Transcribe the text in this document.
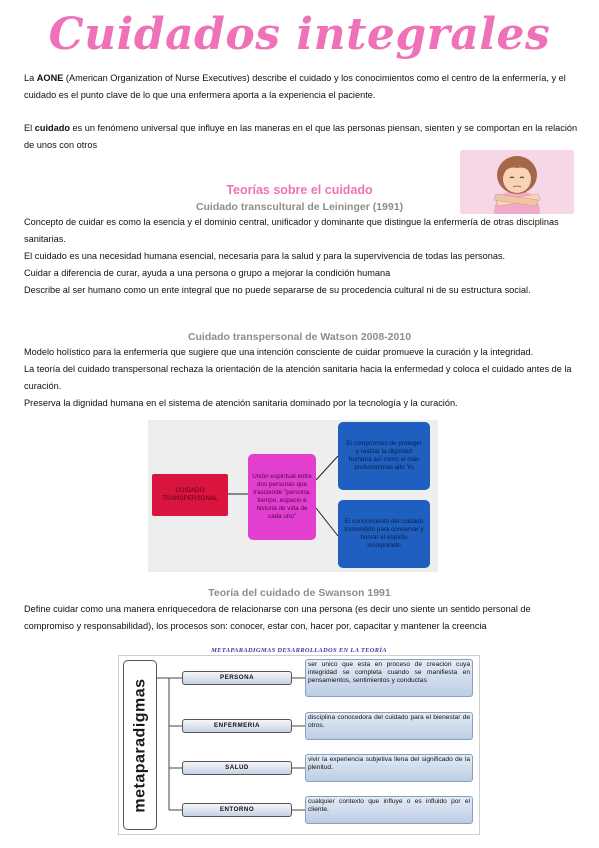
Cuidados integrales

La AONE (American Organization of Nurse Executives) describe el cuidado y los conocimientos como el centro de la enfermería, y el cuidado es el punto clave de lo que una enfermera aporta a la experiencia el paciente.

El cuidado es un fenómeno universal que influye en las maneras en el que las personas piensan, sienten y se comportan en la relación de unos con otros

Teorías sobre el cuidado
Cuidado transcultural de Leininger (1991)

Concepto de cuidar es como la esencia y el dominio central, unificador y dominante que distingue la enfermería de otras disciplinas sanitarias.

El cuidado es una necesidad humana esencial, necesaria para la salud y para la supervivencia de todas las personas.

Cuidar a diferencia de curar, ayuda a una persona o grupo a mejorar la condición humana

Describe al ser humano como un ente integral que no puede separarse de su procedencia cultural ni de su estructura social.

Cuidado transpersonal de Watson 2008-2010

Modelo holístico para la enfermería que sugiere que una intención consciente de cuidar promueve la curación y la integridad.

La teoría del cuidado transpersonal rechaza la orientación de la atención sanitaria hacia la enfermedad y coloca el cuidado antes de la curación.

Preserva la dignidad humana en el sistema de atención sanitaria dominado por la tecnología y la curación.

CUIDADO TRANSPERSONAL
Unión espiritual entre dos personas que trasciende "persona, tiempo, espacio e historia de vida de cada uno"
El compromiso de proteger y realzar la dignidad humana así como el más profundo/más alto Yo
El conocimiento del cuidado transmitido para conservar y honrar el espíritu incorporado
Teoría del cuidado de Swanson 1991

Define cuidar como una manera enriquecedora de relacionarse con una persona (es decir uno siente un sentido personal de compromiso y responsabilidad), los procesos son: conocer, estar con, hacer por, capacitar y mantener la creencia

METAPARADIGMAS DESARROLLADOS EN LA TEORÍA
metaparadigmas
PERSONA
ser unico que esta en proceso de creacion cuya integridad se completa cuando se manifiesta en pensamientos, sentimientos y conductas
ENFERMERIA
disciplina conocedora del cuidado para el bienestar de otros.
SALUD
vivir la experiencia subjetiva llena del significado de la plenitud.
ENTORNO
cualquier contexto que influye o es influido por el cliente.
